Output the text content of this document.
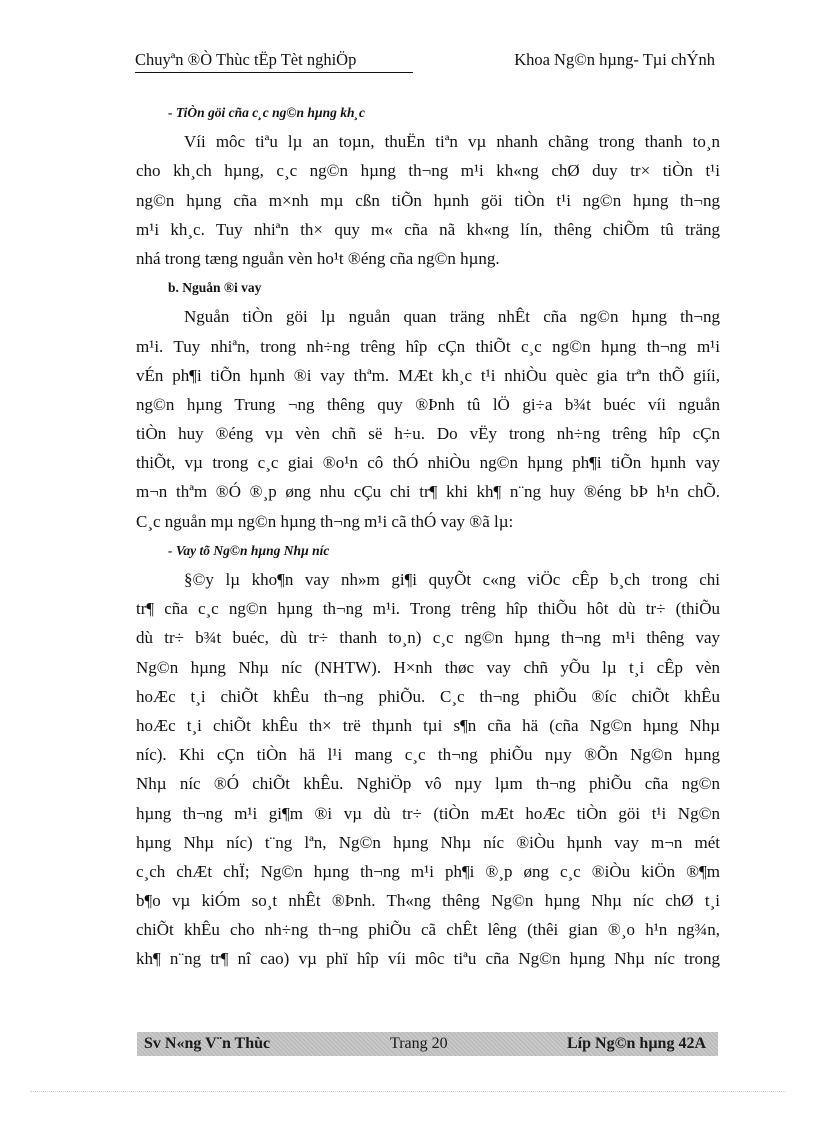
Chuyªn ®Ò Thùc tËp Tèt nghiÖp	Khoa Ng©n hµng- Tµi chÝnh
- TiÒn göi cña c¸c ng©n hµng kh¸c
Víi môc tiªu lµ an toµn, thuËn tiªn vµ nhanh chãng trong thanh to¸n
cho kh¸ch hµng, c¸c ng©n hµng th¬ng m¹i kh«ng chØ duy tr× tiÒn t¹i
ng©n hµng cña m×nh mµ cßn tiÕn hµnh göi tiÒn t¹i ng©n hµng th¬ng
m¹i kh¸c. Tuy nhiªn th× quy m« cña nã kh«ng lín, thêng chiÕm tû träng
nhá trong tæng nguån vèn ho¹t ®éng cña ng©n hµng.
b. Nguån ®i vay
Nguån tiÒn göi lµ nguån quan träng nhÊt cña ng©n hµng th¬ng
m¹i. Tuy nhiªn, trong nh÷ng trêng hîp cÇn thiÕt c¸c ng©n hµng th¬ng m¹i
vÉn ph¶i tiÕn hµnh ®i vay thªm. MÆt kh¸c t¹i nhiÒu quèc gia trªn thÕ giíi,
ng©n hµng Trung ¬ng thêng quy ®Þnh tû lÖ gi÷a b¾t buéc víi nguån
tiÒn huy ®éng vµ vèn chñ së h÷u. Do vËy trong nh÷ng trêng hîp cÇn
thiÕt, vµ trong c¸c giai ®o¹n cô thÓ nhiÒu ng©n hµng ph¶i tiÕn hµnh vay
m¬n thªm ®Ó ®¸p øng nhu cÇu chi tr¶ khi kh¶ n¨ng huy ®éng bÞ h¹n chÕ.
C¸c nguån mµ ng©n hµng th¬ng m¹i cã thÓ vay ®ã lµ:
- Vay tõ Ng©n hµng Nhµ níc
§©y lµ kho¶n vay nh»m gi¶i quyÕt c«ng viÖc cÊp b¸ch trong chi
tr¶ cña c¸c ng©n hµng th¬ng m¹i. Trong trêng hîp thiÕu hôt dù tr÷ (thiÕu
dù tr÷ b¾t buéc, dù tr÷ thanh to¸n) c¸c ng©n hµng th¬ng m¹i thêng vay
Ng©n hµng Nhµ níc (NHTW). H×nh thøc vay chñ yÕu lµ t¸i cÊp vèn
hoÆc t¸i chiÕt khÊu th¬ng phiÕu. C¸c th¬ng phiÕu ®íc chiÕt khÊu
hoÆc t¸i chiÕt khÊu th× trë thµnh tµi s¶n cña hä (cña Ng©n hµng Nhµ
níc). Khi cÇn tiÒn hä l¹i mang c¸c th¬ng phiÕu nµy ®Õn Ng©n hµng
Nhµ níc ®Ó chiÕt khÊu. NghiÖp vô nµy lµm th¬ng phiÕu cña ng©n
hµng th¬ng m¹i gi¶m ®i vµ dù tr÷ (tiÒn mÆt hoÆc tiÒn göi t¹i Ng©n
hµng Nhµ níc) t¨ng lªn, Ng©n hµng Nhµ níc ®iÒu hµnh vay m¬n mét
c¸ch chÆt chÏ; Ng©n hµng th¬ng m¹i ph¶i ®¸p øng c¸c ®iÒu kiÖn ®¶m
b¶o vµ kiÓm so¸t nhÊt ®Þnh. Th«ng thêng Ng©n hµng Nhµ níc chØ t¸i
chiÕt khÊu cho nh÷ng th¬ng phiÕu cã chÊt lêng (thêi gian ®¸o h¹n ng¾n,
kh¶ n¨ng tr¶ nî cao) vµ phï hîp víi môc tiªu cña Ng©n hµng Nhµ níc trong
Sv N«ng V¨n Thùc	Trang 20	Líp Ng©n hµng 42A
